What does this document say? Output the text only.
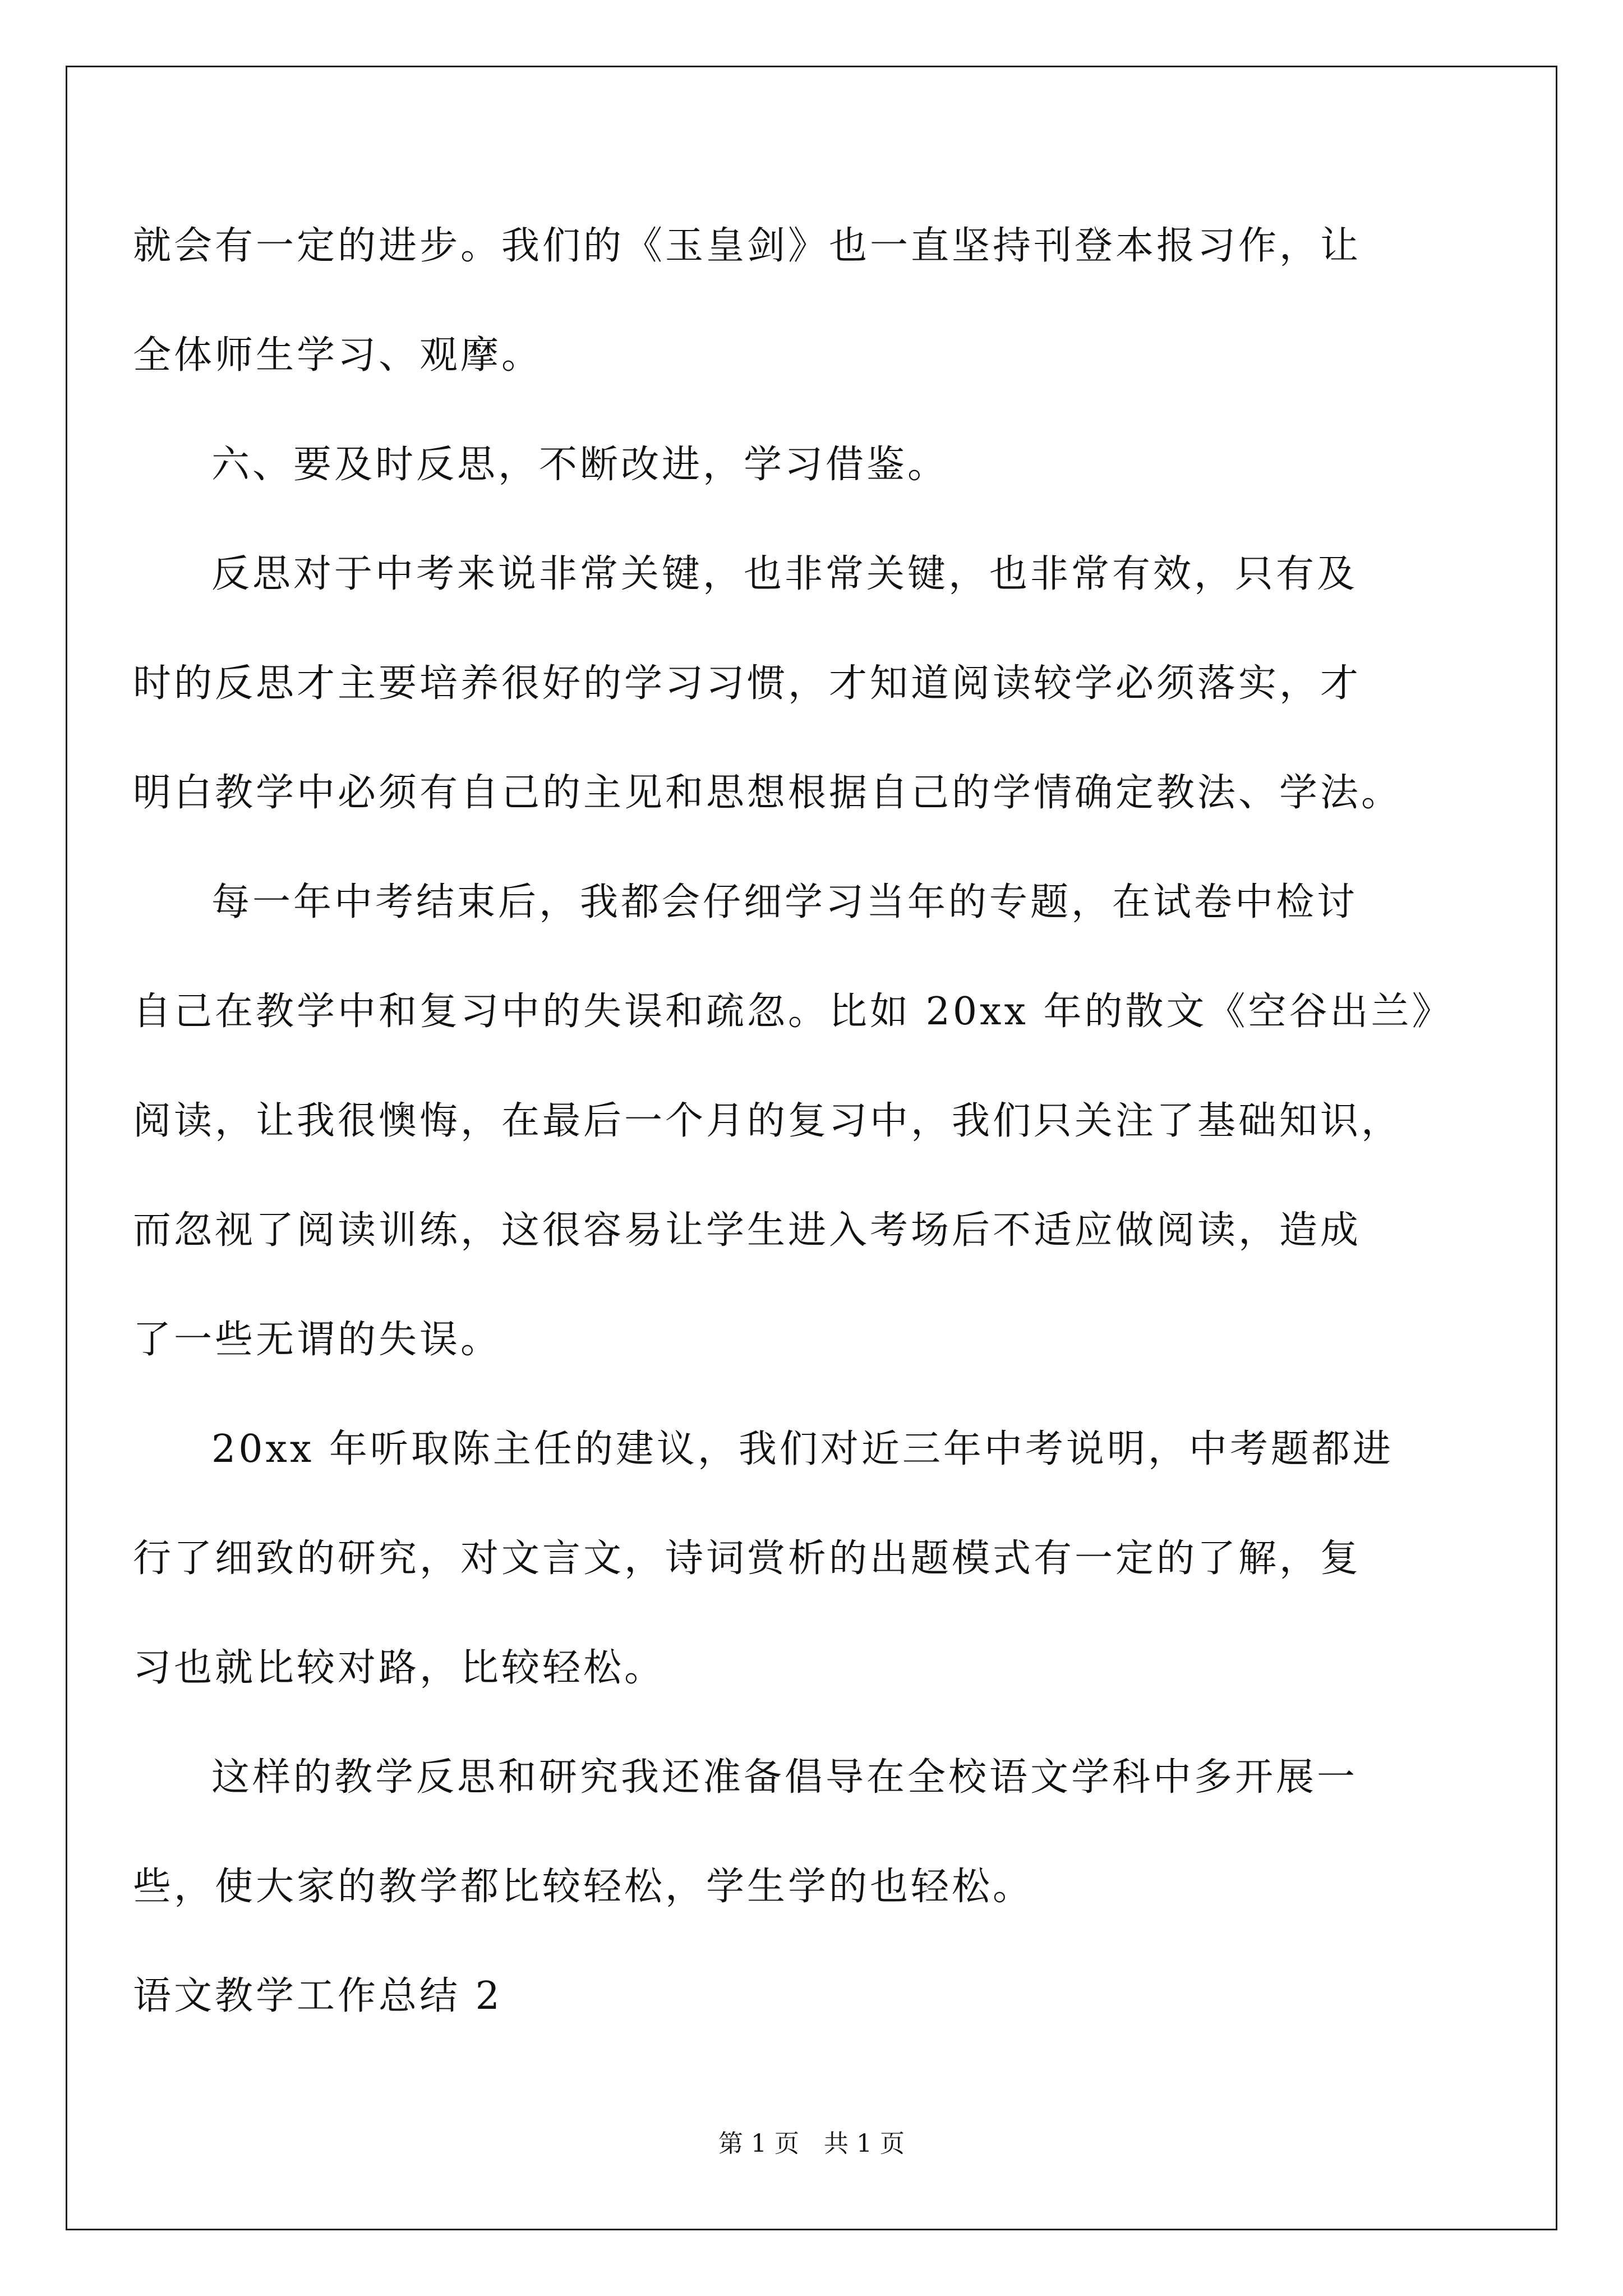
就会有一定的进步。我们的《玉皇剑》也一直坚持刊登本报习作，让
全体师生学习、观摩。
六、要及时反思，不断改进，学习借鉴。
反思对于中考来说非常关键，也非常关键，也非常有效，只有及
时的反思才主要培养很好的学习习惯，才知道阅读较学必须落实，才
明白教学中必须有自己的主见和思想根据自己的学情确定教法、学法。
每一年中考结束后，我都会仔细学习当年的专题，在试卷中检讨
自己在教学中和复习中的失误和疏忽。比如 20xx 年的散文《空谷出兰》
阅读，让我很懊悔，在最后一个月的复习中，我们只关注了基础知识，
而忽视了阅读训练，这很容易让学生进入考场后不适应做阅读，造成
了一些无谓的失误。
20xx 年听取陈主任的建议，我们对近三年中考说明，中考题都进
行了细致的研究，对文言文，诗词赏析的出题模式有一定的了解，复
习也就比较对路，比较轻松。
这样的教学反思和研究我还准备倡导在全校语文学科中多开展一
些，使大家的教学都比较轻松，学生学的也轻松。
语文教学工作总结 2
第 1 页　共 1 页
